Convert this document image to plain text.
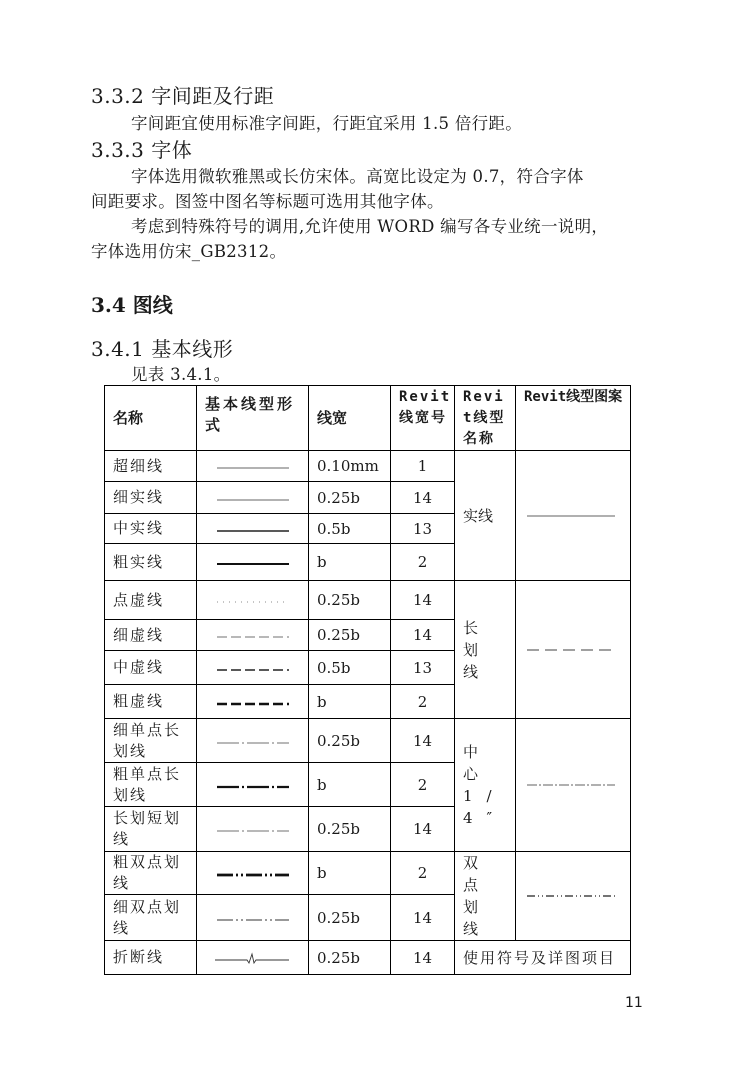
3.3.2 字间距及行距
字间距宜使用标准字间距，行距宜采用 1.5 倍行距。
3.3.3 字体
字体选用微软雅黑或长仿宋体。高宽比设定为 0.7，符合字体
间距要求。图签中图名等标题可选用其他字体。
考虑到特殊符号的调用,允许使用 WORD 编写各专业统一说明，
字体选用仿宋_GB2312。
3.4 图线
3.4.1 基本线形
见表 3.4.1。
名称	基本线型形式	线宽	Revit线宽号	Revit线型名称	Revit线型图案
超细线		0.10mm	1	实线	

细实线		0.25b	14		
中实线		0.5b	13		
粗实线		b	2		
点虚线		0.25b	14	长划线	

细虚线		0.25b	14		
中虚线		0.5b	13		
粗虚线		b	2		
细单点长划线		0.25b	14	中心1/4″	

粗单点长划线		b	2		
长划短划线		0.25b	14		
粗双点划线		b	2	双点划线	

细双点划线		0.25b	14		
折断线		0.25b	14	使用符号及详图项目	
11
